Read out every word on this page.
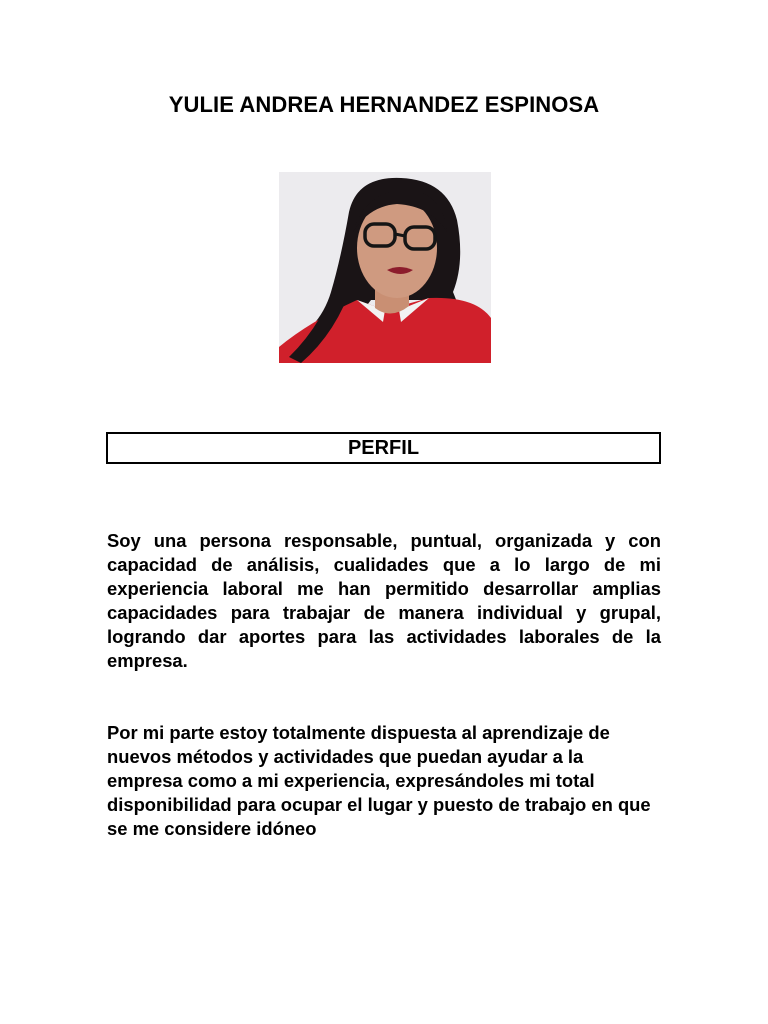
YULIE ANDREA HERNANDEZ ESPINOSA
PERFIL

Soy una persona responsable, puntual, organizada y con capacidad de análisis, cualidades que a lo largo de mi experiencia laboral me han permitido desarrollar amplias capacidades para trabajar de manera individual y grupal, logrando dar aportes para las actividades laborales de la empresa.

Por mi parte estoy totalmente dispuesta al aprendizaje de nuevos métodos y actividades que puedan ayudar a la empresa como a mi experiencia, expresándoles mi total disponibilidad para ocupar el lugar y puesto de trabajo en que se me considere idóneo
